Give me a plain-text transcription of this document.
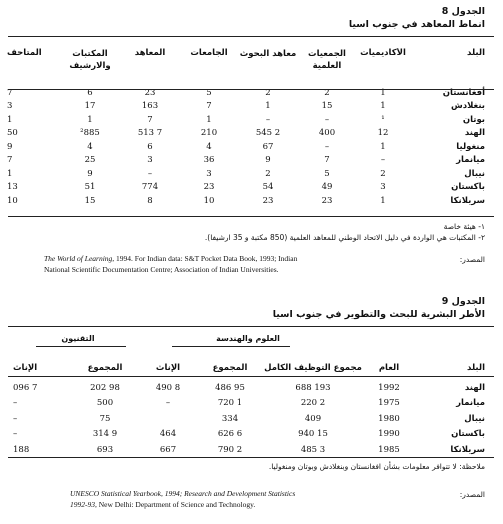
الجدول 8
انماط المعاهد في جنوب اسيا
البلد	الأكاديميات	الجمعيات العلمية	معاهد البحوث	الجامعات	المعاهد	المكتبات والارشيف	المتاحف
أفغانستان	1	2	2	5	23	6	7
بنغلادش	1	15	1	7	163	17	3
بوتان	¹	–	–	1	7	1	1
الهند	12	400	2 545	210	7 513	²885	50
منغوليا	1	–	67	4	6	4	9
ميانمار	–	7	9	36	3	25	7
نيبال	2	5	2	3	–	9	1
باكستان	3	49	54	23	774	51	13
سريلانكا	1	23	23	10	8	15	10
١- هيئة خاصة
٢- المكتبات هي الواردة في دليل الاتحاد الوطني للمعاهد العلمية (850 مكتبة و 35 ارشيفا).
المصدر:
The World of Learning, 1994. For Indian data: S&T Pocket Data Book, 1993; Indian
National Scientific Documentation Centre; Association of Indian Universities.
الجدول 9
الأطر البشرية للبحث والتطوير في جنوب اسيا
العلوم والهندسة
التقنيون
البلد	العام	مجموع التوظيف الكامل	المجموع	الإناث	المجموع	الإناث
الهند	1992	193 688	95 486	8 490	98 202	7 096
ميانمار	1975	2 220	1 720	–	500	–
نيبال	1980	409	334		75	–
باكستان	1990	15 940	6 626	464	9 314	–
سريلانكا	1985	3 485	2 790	667	693	188
ملاحظة: لا تتوافر معلومات بشأن افغانستان وبنغلادش وبوتان ومنغوليا.
المصدر:
UNESCO Statistical Yearbook, 1994; Research and Development Statistics
1992-93, New Delhi: Department of Science and Technology.
